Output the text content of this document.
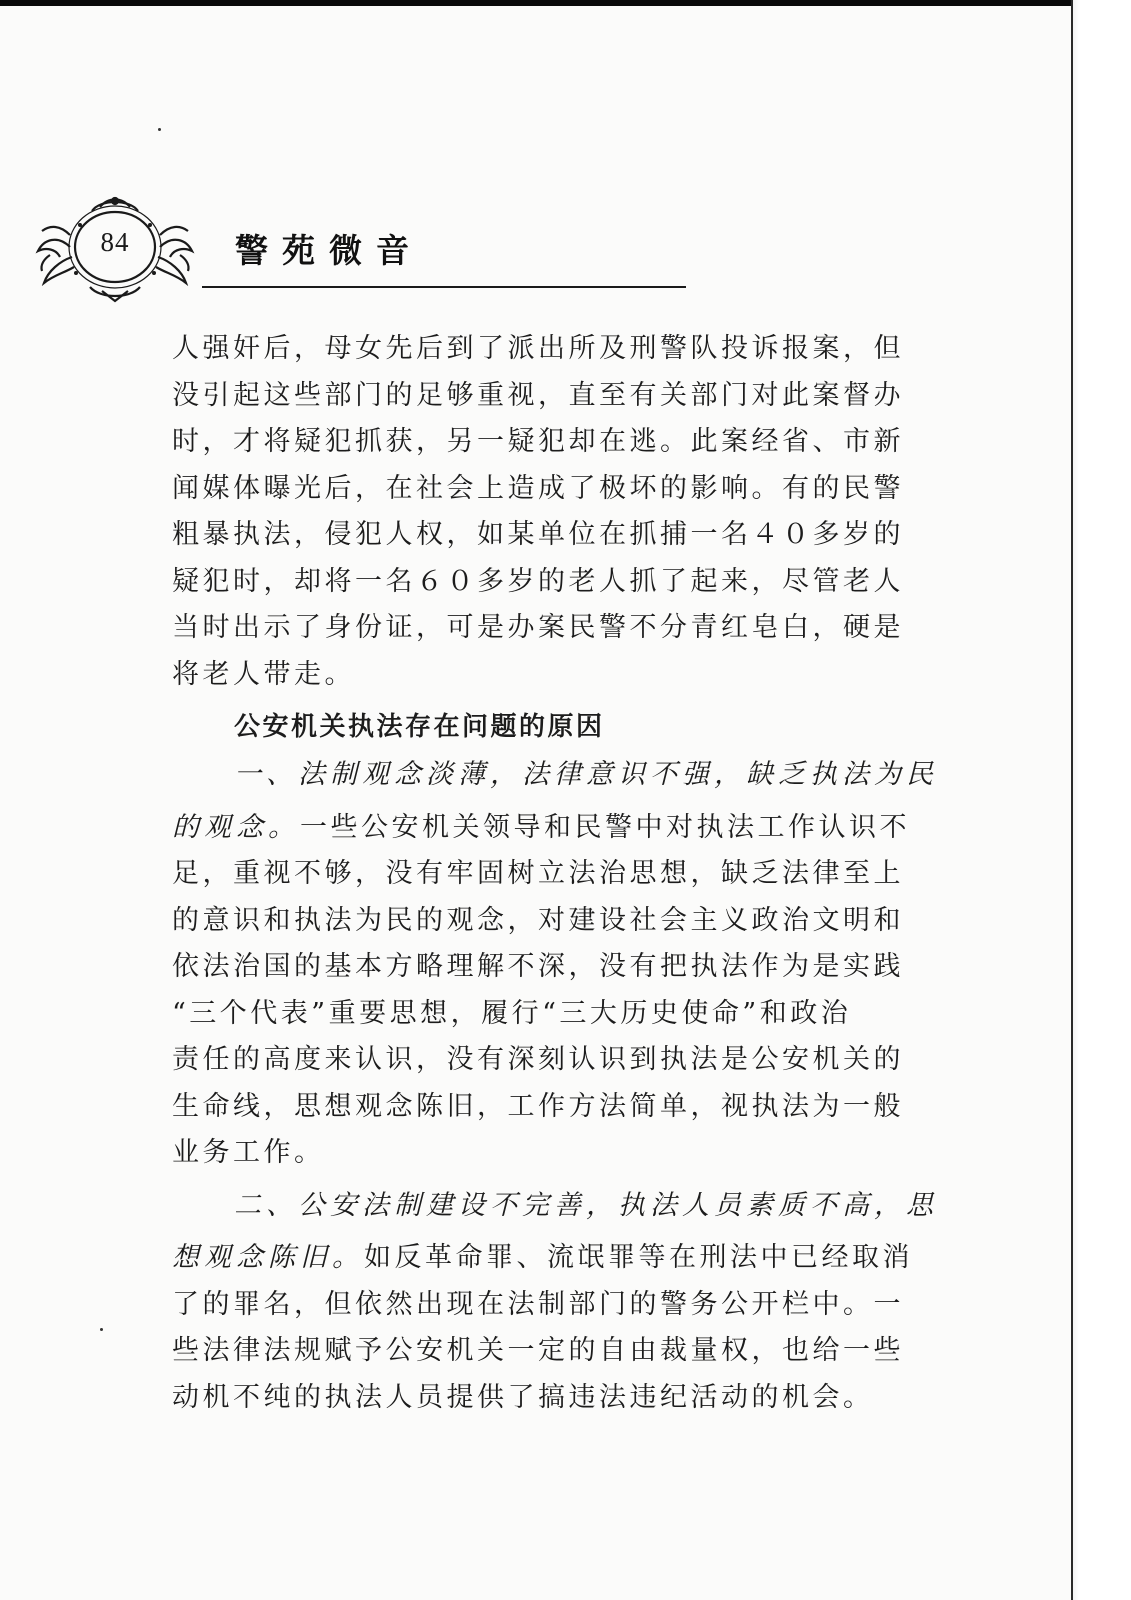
84	警苑微音
人强奸后，母女先后到了派出所及刑警队投诉报案，但
没引起这些部门的足够重视，直至有关部门对此案督办
时，才将疑犯抓获，另一疑犯却在逃。此案经省、市新
闻媒体曝光后，在社会上造成了极坏的影响。有的民警
粗暴执法，侵犯人权，如某单位在抓捕一名４０多岁的
疑犯时，却将一名６０多岁的老人抓了起来，尽管老人
当时出示了身份证，可是办案民警不分青红皂白，硬是
将老人带走。
公安机关执法存在问题的原因
一、法制观念淡薄，法律意识不强，缺乏执法为民
的观念。一些公安机关领导和民警中对执法工作认识不
足，重视不够，没有牢固树立法治思想，缺乏法律至上
的意识和执法为民的观念，对建设社会主义政治文明和
依法治国的基本方略理解不深，没有把执法作为是实践
“三个代表”重要思想，履行“三大历史使命”和政治
责任的高度来认识，没有深刻认识到执法是公安机关的
生命线，思想观念陈旧，工作方法简单，视执法为一般
业务工作。
二、公安法制建设不完善，执法人员素质不高，思
想观念陈旧。如反革命罪、流氓罪等在刑法中已经取消
了的罪名，但依然出现在法制部门的警务公开栏中。一
些法律法规赋予公安机关一定的自由裁量权，也给一些
动机不纯的执法人员提供了搞违法违纪活动的机会。
